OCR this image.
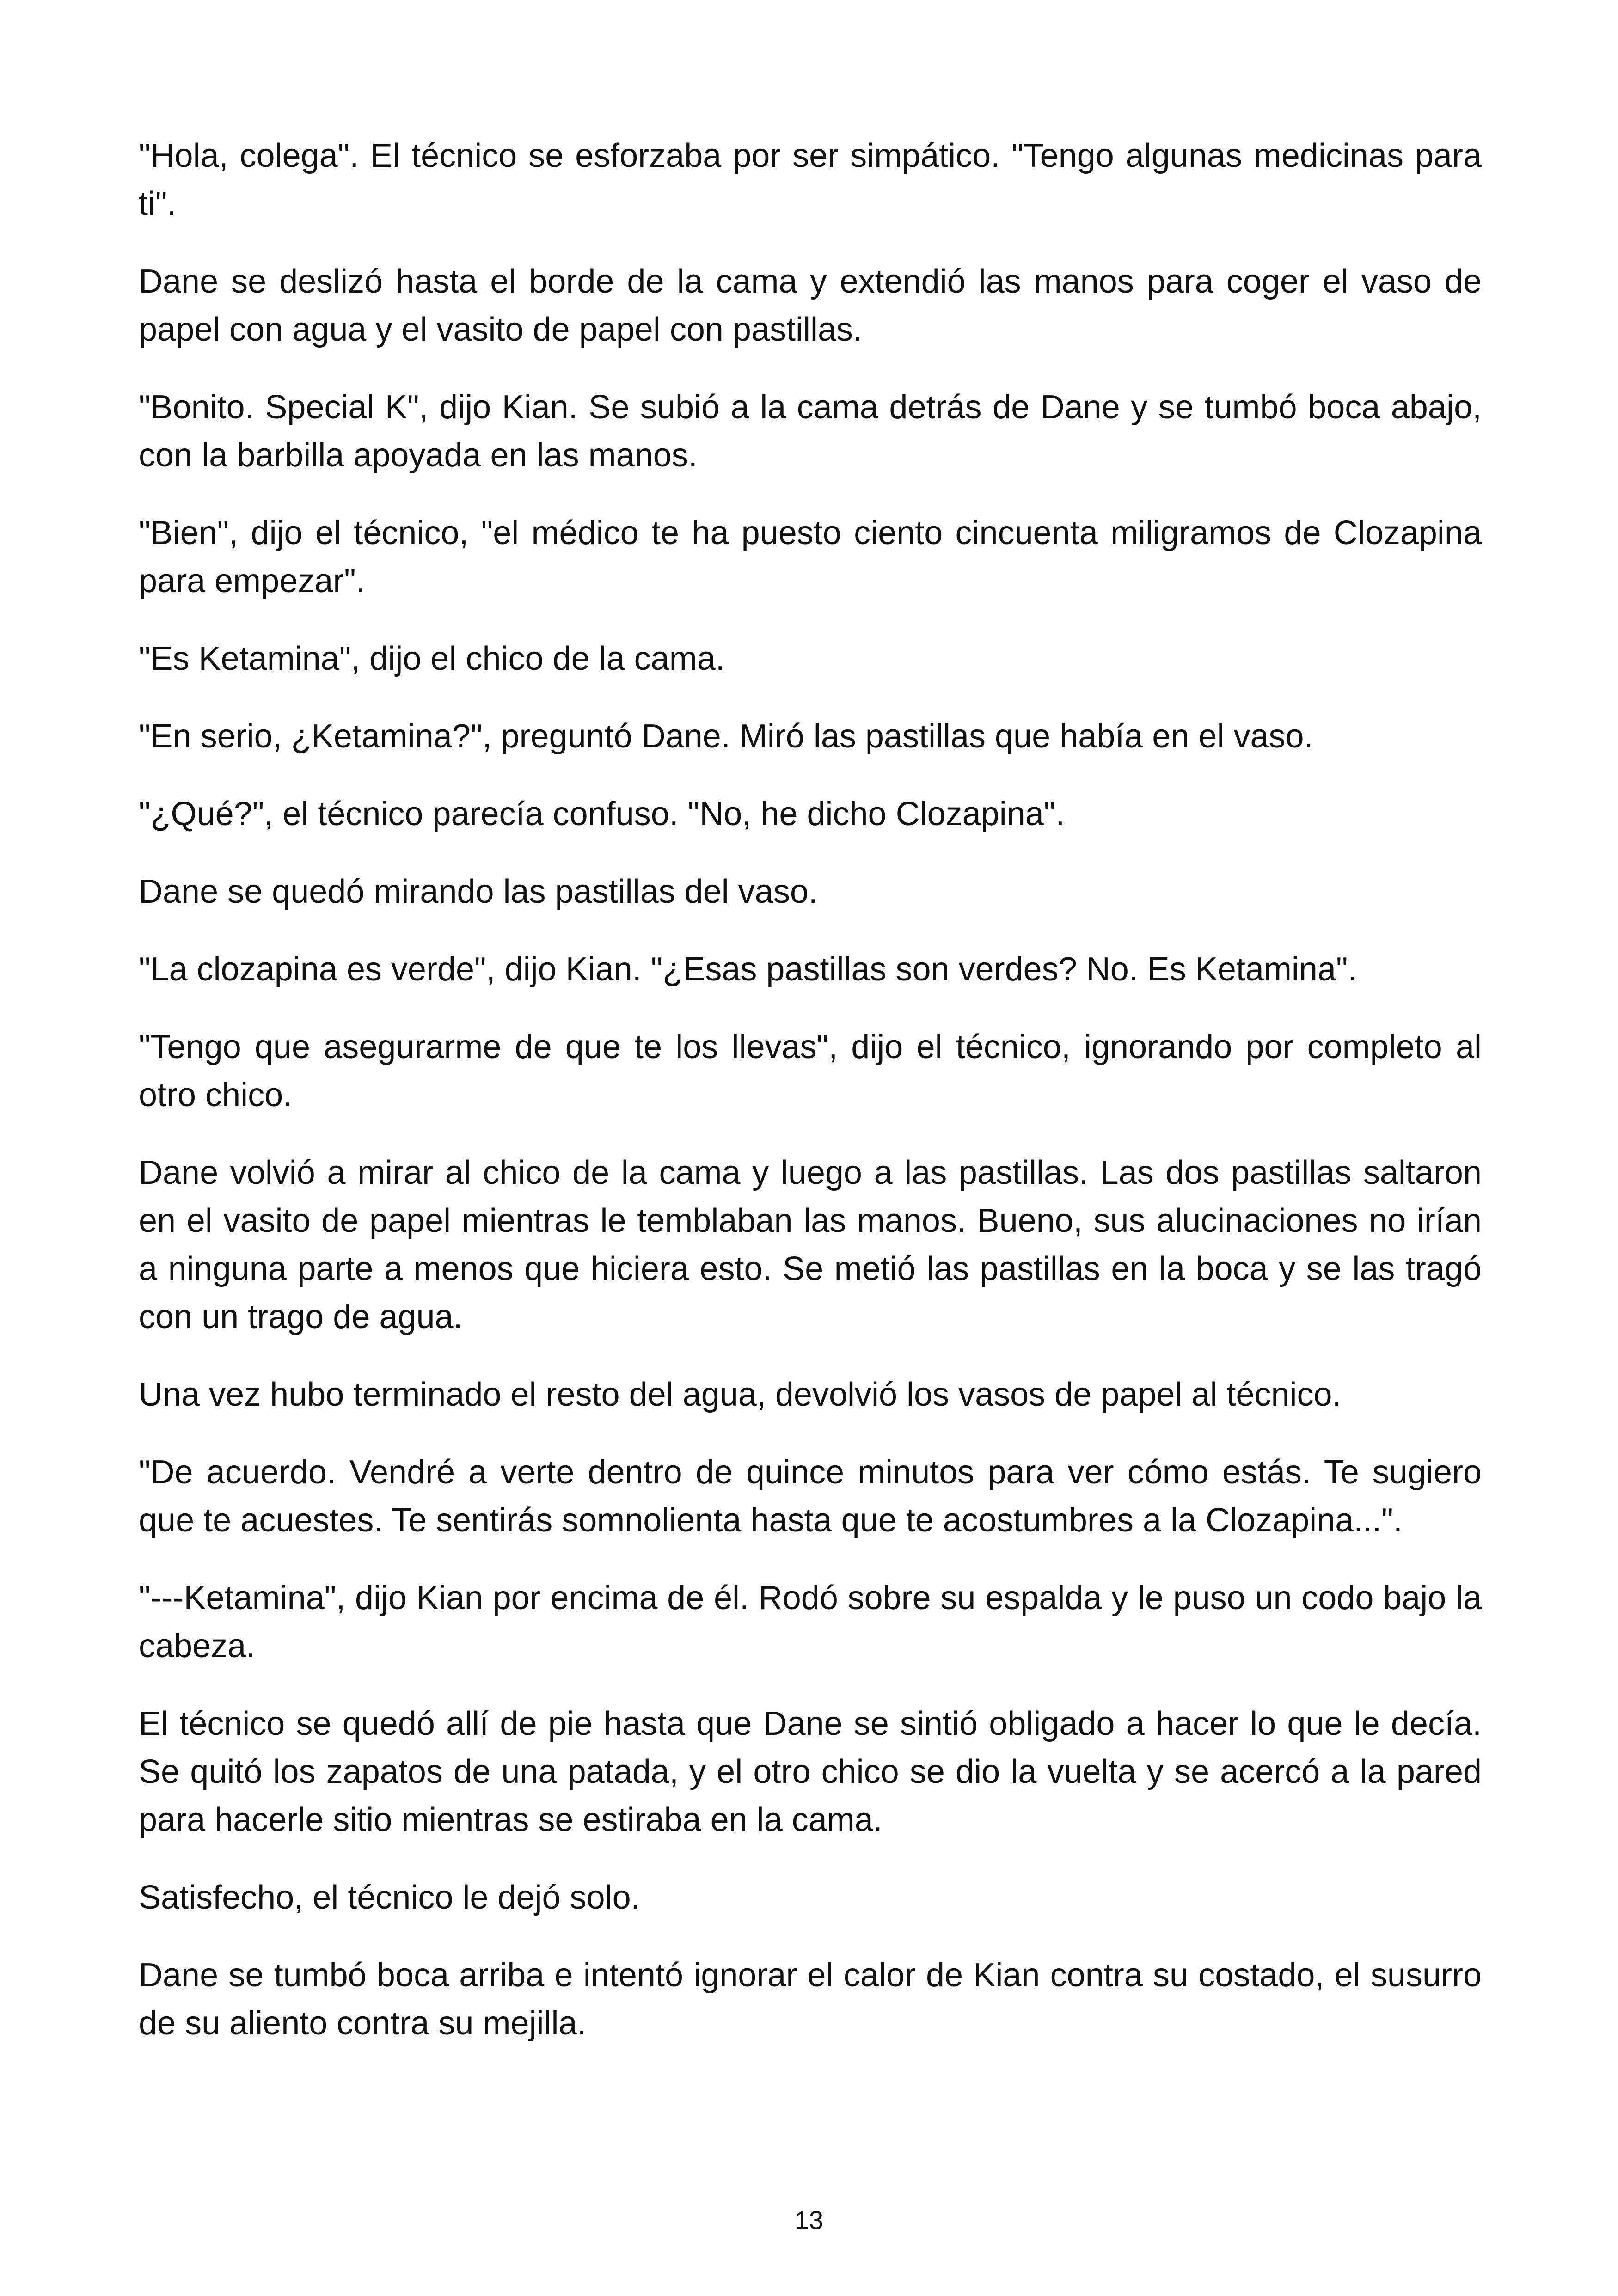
"Hola, colega". El técnico se esforzaba por ser simpático. "Tengo algunas medicinas para ti".

Dane se deslizó hasta el borde de la cama y extendió las manos para coger el vaso de papel con agua y el vasito de papel con pastillas.

"Bonito. Special K", dijo Kian. Se subió a la cama detrás de Dane y se tumbó boca abajo, con la barbilla apoyada en las manos.

"Bien", dijo el técnico, "el médico te ha puesto ciento cincuenta miligramos de Clozapina para empezar".

"Es Ketamina", dijo el chico de la cama.

"En serio, ¿Ketamina?", preguntó Dane. Miró las pastillas que había en el vaso.

"¿Qué?", el técnico parecía confuso. "No, he dicho Clozapina".

Dane se quedó mirando las pastillas del vaso.

"La clozapina es verde", dijo Kian. "¿Esas pastillas son verdes? No. Es Ketamina".

"Tengo que asegurarme de que te los llevas", dijo el técnico, ignorando por completo al otro chico.

Dane volvió a mirar al chico de la cama y luego a las pastillas. Las dos pastillas saltaron en el vasito de papel mientras le temblaban las manos. Bueno, sus alucinaciones no irían a ninguna parte a menos que hiciera esto. Se metió las pastillas en la boca y se las tragó con un trago de agua.

Una vez hubo terminado el resto del agua, devolvió los vasos de papel al técnico.

"De acuerdo. Vendré a verte dentro de quince minutos para ver cómo estás. Te sugiero que te acuestes. Te sentirás somnolienta hasta que te acostumbres a la Clozapina...".

"---Ketamina", dijo Kian por encima de él. Rodó sobre su espalda y le puso un codo bajo la cabeza.

El técnico se quedó allí de pie hasta que Dane se sintió obligado a hacer lo que le decía. Se quitó los zapatos de una patada, y el otro chico se dio la vuelta y se acercó a la pared para hacerle sitio mientras se estiraba en la cama.

Satisfecho, el técnico le dejó solo.

Dane se tumbó boca arriba e intentó ignorar el calor de Kian contra su costado, el susurro de su aliento contra su mejilla.

13
